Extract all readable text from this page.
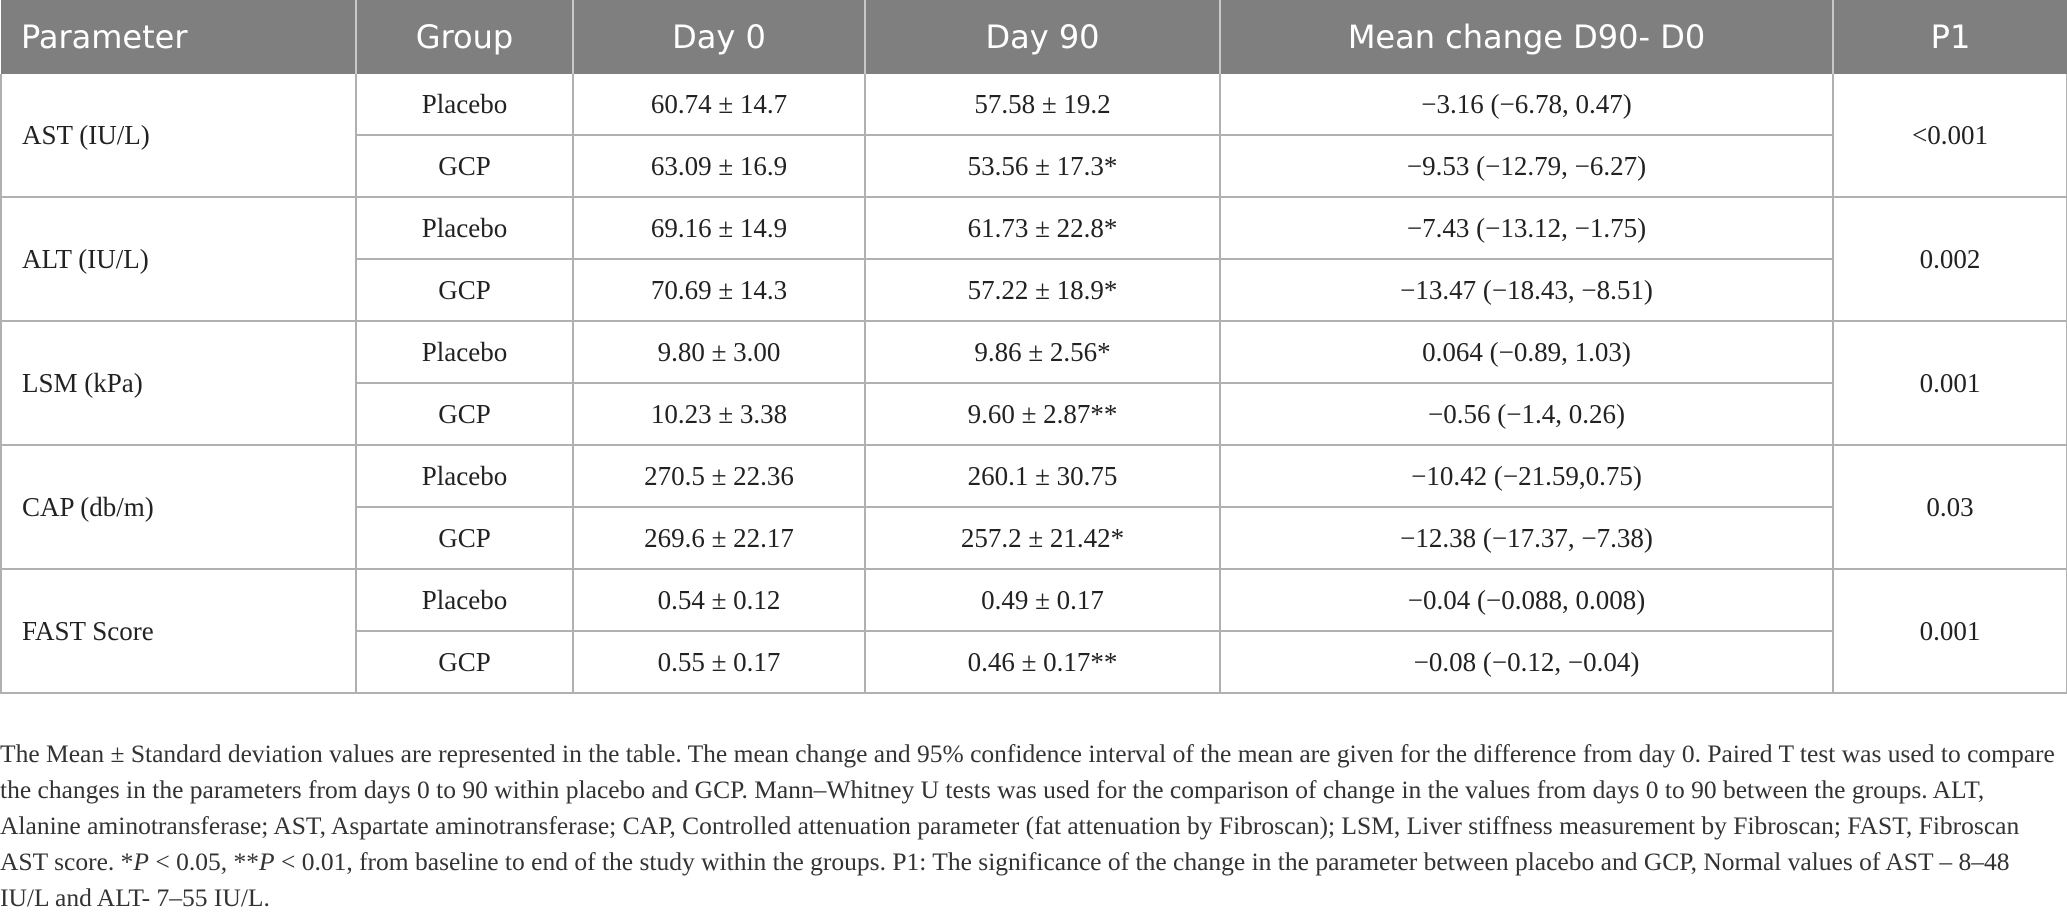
Parameter	Group	Day 0	Day 90	Mean change D90- D0	P1
AST (IU/L)	Placebo	60.74 ± 14.7	57.58 ± 19.2	−3.16 (−6.78, 0.47)	<0.001
	GCP	63.09 ± 16.9	53.56 ± 17.3*	−9.53 (−12.79, −6.27)	
ALT (IU/L)	Placebo	69.16 ± 14.9	61.73 ± 22.8*	−7.43 (−13.12, −1.75)	0.002
	GCP	70.69 ± 14.3	57.22 ± 18.9*	−13.47 (−18.43, −8.51)	
LSM (kPa)	Placebo	9.80 ± 3.00	9.86 ± 2.56*	0.064 (−0.89, 1.03)	0.001
	GCP	10.23 ± 3.38	9.60 ± 2.87**	−0.56 (−1.4, 0.26)	
CAP (db/m)	Placebo	270.5 ± 22.36	260.1 ± 30.75	−10.42 (−21.59,0.75)	0.03
	GCP	269.6 ± 22.17	257.2 ± 21.42*	−12.38 (−17.37, −7.38)	
FAST Score	Placebo	0.54 ± 0.12	0.49 ± 0.17	−0.04 (−0.088, 0.008)	0.001
	GCP	0.55 ± 0.17	0.46 ± 0.17**	−0.08 (−0.12, −0.04)	

The Mean ± Standard deviation values are represented in the table. The mean change and 95% confidence interval of the mean are given for the difference from day 0. Paired T test was used to compare the changes in the parameters from days 0 to 90 within placebo and GCP. Mann–Whitney U tests was used for the comparison of change in the values from days 0 to 90 between the groups. ALT, Alanine aminotransferase; AST, Aspartate aminotransferase; CAP, Controlled attenuation parameter (fat attenuation by Fibroscan); LSM, Liver stiffness measurement by Fibroscan; FAST, Fibroscan AST score. *P < 0.05, **P < 0.01, from baseline to end of the study within the groups. P1: The significance of the change in the parameter between placebo and GCP, Normal values of AST – 8–48 IU/L and ALT- 7–55 IU/L.
